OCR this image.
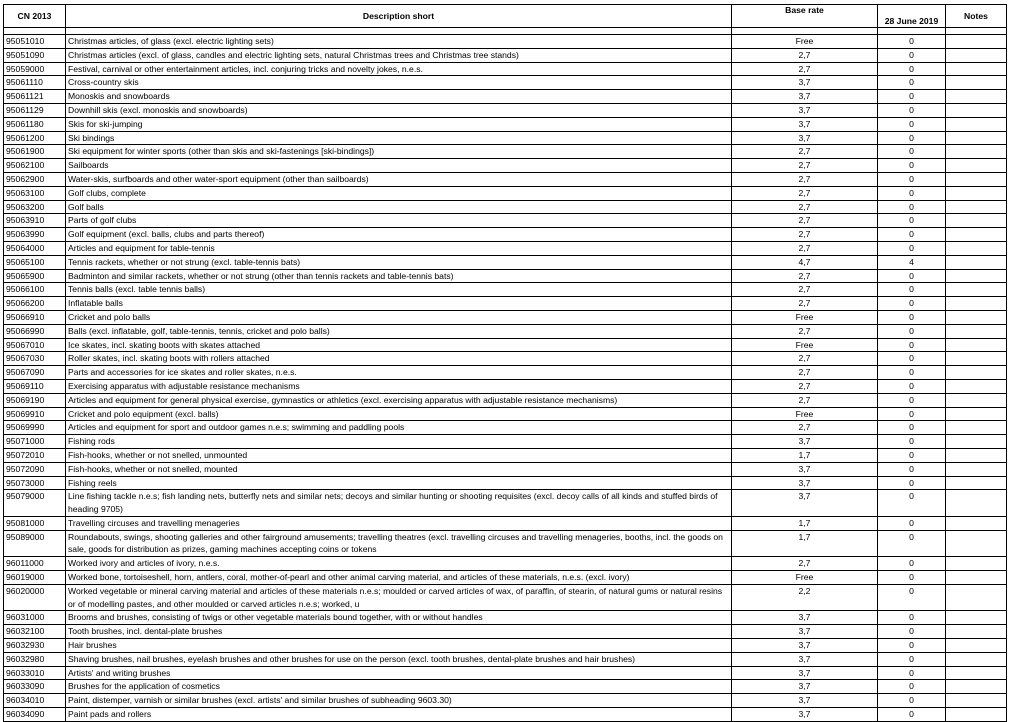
CN 2013	Description short	Base rate	28 June 2019	Notes

95051010	Christmas articles, of glass (excl. electric lighting sets)	Free	0	
95051090	Christmas articles (excl. of glass, candles and electric lighting sets, natural Christmas trees and Christmas tree stands)	2,7	0	
95059000	Festival, carnival or other entertainment articles, incl. conjuring tricks and novelty jokes, n.e.s.	2,7	0	
95061110	Cross-country skis	3,7	0	
95061121	Monoskis and snowboards	3,7	0	
95061129	Downhill skis (excl. monoskis and snowboards)	3,7	0	
95061180	Skis for ski-jumping	3,7	0	
95061200	Ski bindings	3,7	0	
95061900	Ski equipment for winter sports (other than skis and ski-fastenings [ski-bindings])	2,7	0	
95062100	Sailboards	2,7	0	
95062900	Water-skis, surfboards and other water-sport equipment (other than sailboards)	2,7	0	
95063100	Golf clubs, complete	2,7	0	
95063200	Golf balls	2,7	0	
95063910	Parts of golf clubs	2,7	0	
95063990	Golf equipment (excl. balls, clubs and parts thereof)	2,7	0	
95064000	Articles and equipment for table-tennis	2,7	0	
95065100	Tennis rackets, whether or not strung (excl. table-tennis bats)	4,7	4	
95065900	Badminton and similar rackets, whether or not strung (other than tennis rackets and table-tennis bats)	2,7	0	
95066100	Tennis balls (excl. table tennis balls)	2,7	0	
95066200	Inflatable balls	2,7	0	
95066910	Cricket and polo balls	Free	0	
95066990	Balls (excl. inflatable, golf, table-tennis, tennis, cricket and polo balls)	2,7	0	
95067010	Ice skates, incl. skating boots with skates attached	Free	0	
95067030	Roller skates, incl. skating boots with rollers attached	2,7	0	
95067090	Parts and accessories for ice skates and roller skates, n.e.s.	2,7	0	
95069110	Exercising apparatus with adjustable resistance mechanisms	2,7	0	
95069190	Articles and equipment for general physical exercise, gymnastics or athletics (excl. exercising apparatus with adjustable resistance mechanisms)	2,7	0	
95069910	Cricket and polo equipment (excl. balls)	Free	0	
95069990	Articles and equipment for sport and outdoor games n.e.s; swimming and paddling pools	2,7	0	
95071000	Fishing rods	3,7	0	
95072010	Fish-hooks, whether or not snelled, unmounted	1,7	0	
95072090	Fish-hooks, whether or not snelled, mounted	3,7	0	
95073000	Fishing reels	3,7	0	
95079000	Line fishing tackle n.e.s; fish landing nets, butterfly nets and similar nets; decoys and similar hunting or shooting requisites (excl. decoy calls of all kinds and stuffed birds of heading 9705)	3,7	0	
95081000	Travelling circuses and travelling menageries	1,7	0	
95089000	Roundabouts, swings, shooting galleries and other fairground amusements; travelling theatres (excl. travelling circuses and travelling menageries, booths, incl. the goods on sale, goods for distribution as prizes, gaming machines accepting coins or tokens	1,7	0	
96011000	Worked ivory and articles of ivory, n.e.s.	2,7	0	
96019000	Worked bone, tortoiseshell, horn, antlers, coral, mother-of-pearl and other animal carving material, and articles of these materials, n.e.s. (excl. ivory)	Free	0	
96020000	Worked vegetable or mineral carving material and articles of these materials n.e.s; moulded or carved articles of wax, of paraffin, of stearin, of natural gums or natural resins or of modelling pastes, and other moulded or carved articles n.e.s; worked, u	2,2	0	
96031000	Brooms and brushes, consisting of twigs or other vegetable materials bound together, with or without handles	3,7	0	
96032100	Tooth brushes, incl. dental-plate brushes	3,7	0	
96032930	Hair brushes	3,7	0	
96032980	Shaving brushes, nail brushes, eyelash brushes and other brushes for use on the person (excl. tooth brushes, dental-plate brushes and hair brushes)	3,7	0	
96033010	Artists' and writing brushes	3,7	0	
96033090	Brushes for the application of cosmetics	3,7	0	
96034010	Paint, distemper, varnish or similar brushes (excl. artists' and similar brushes of subheading 9603.30)	3,7	0	
96034090	Paint pads and rollers	3,7	0	
